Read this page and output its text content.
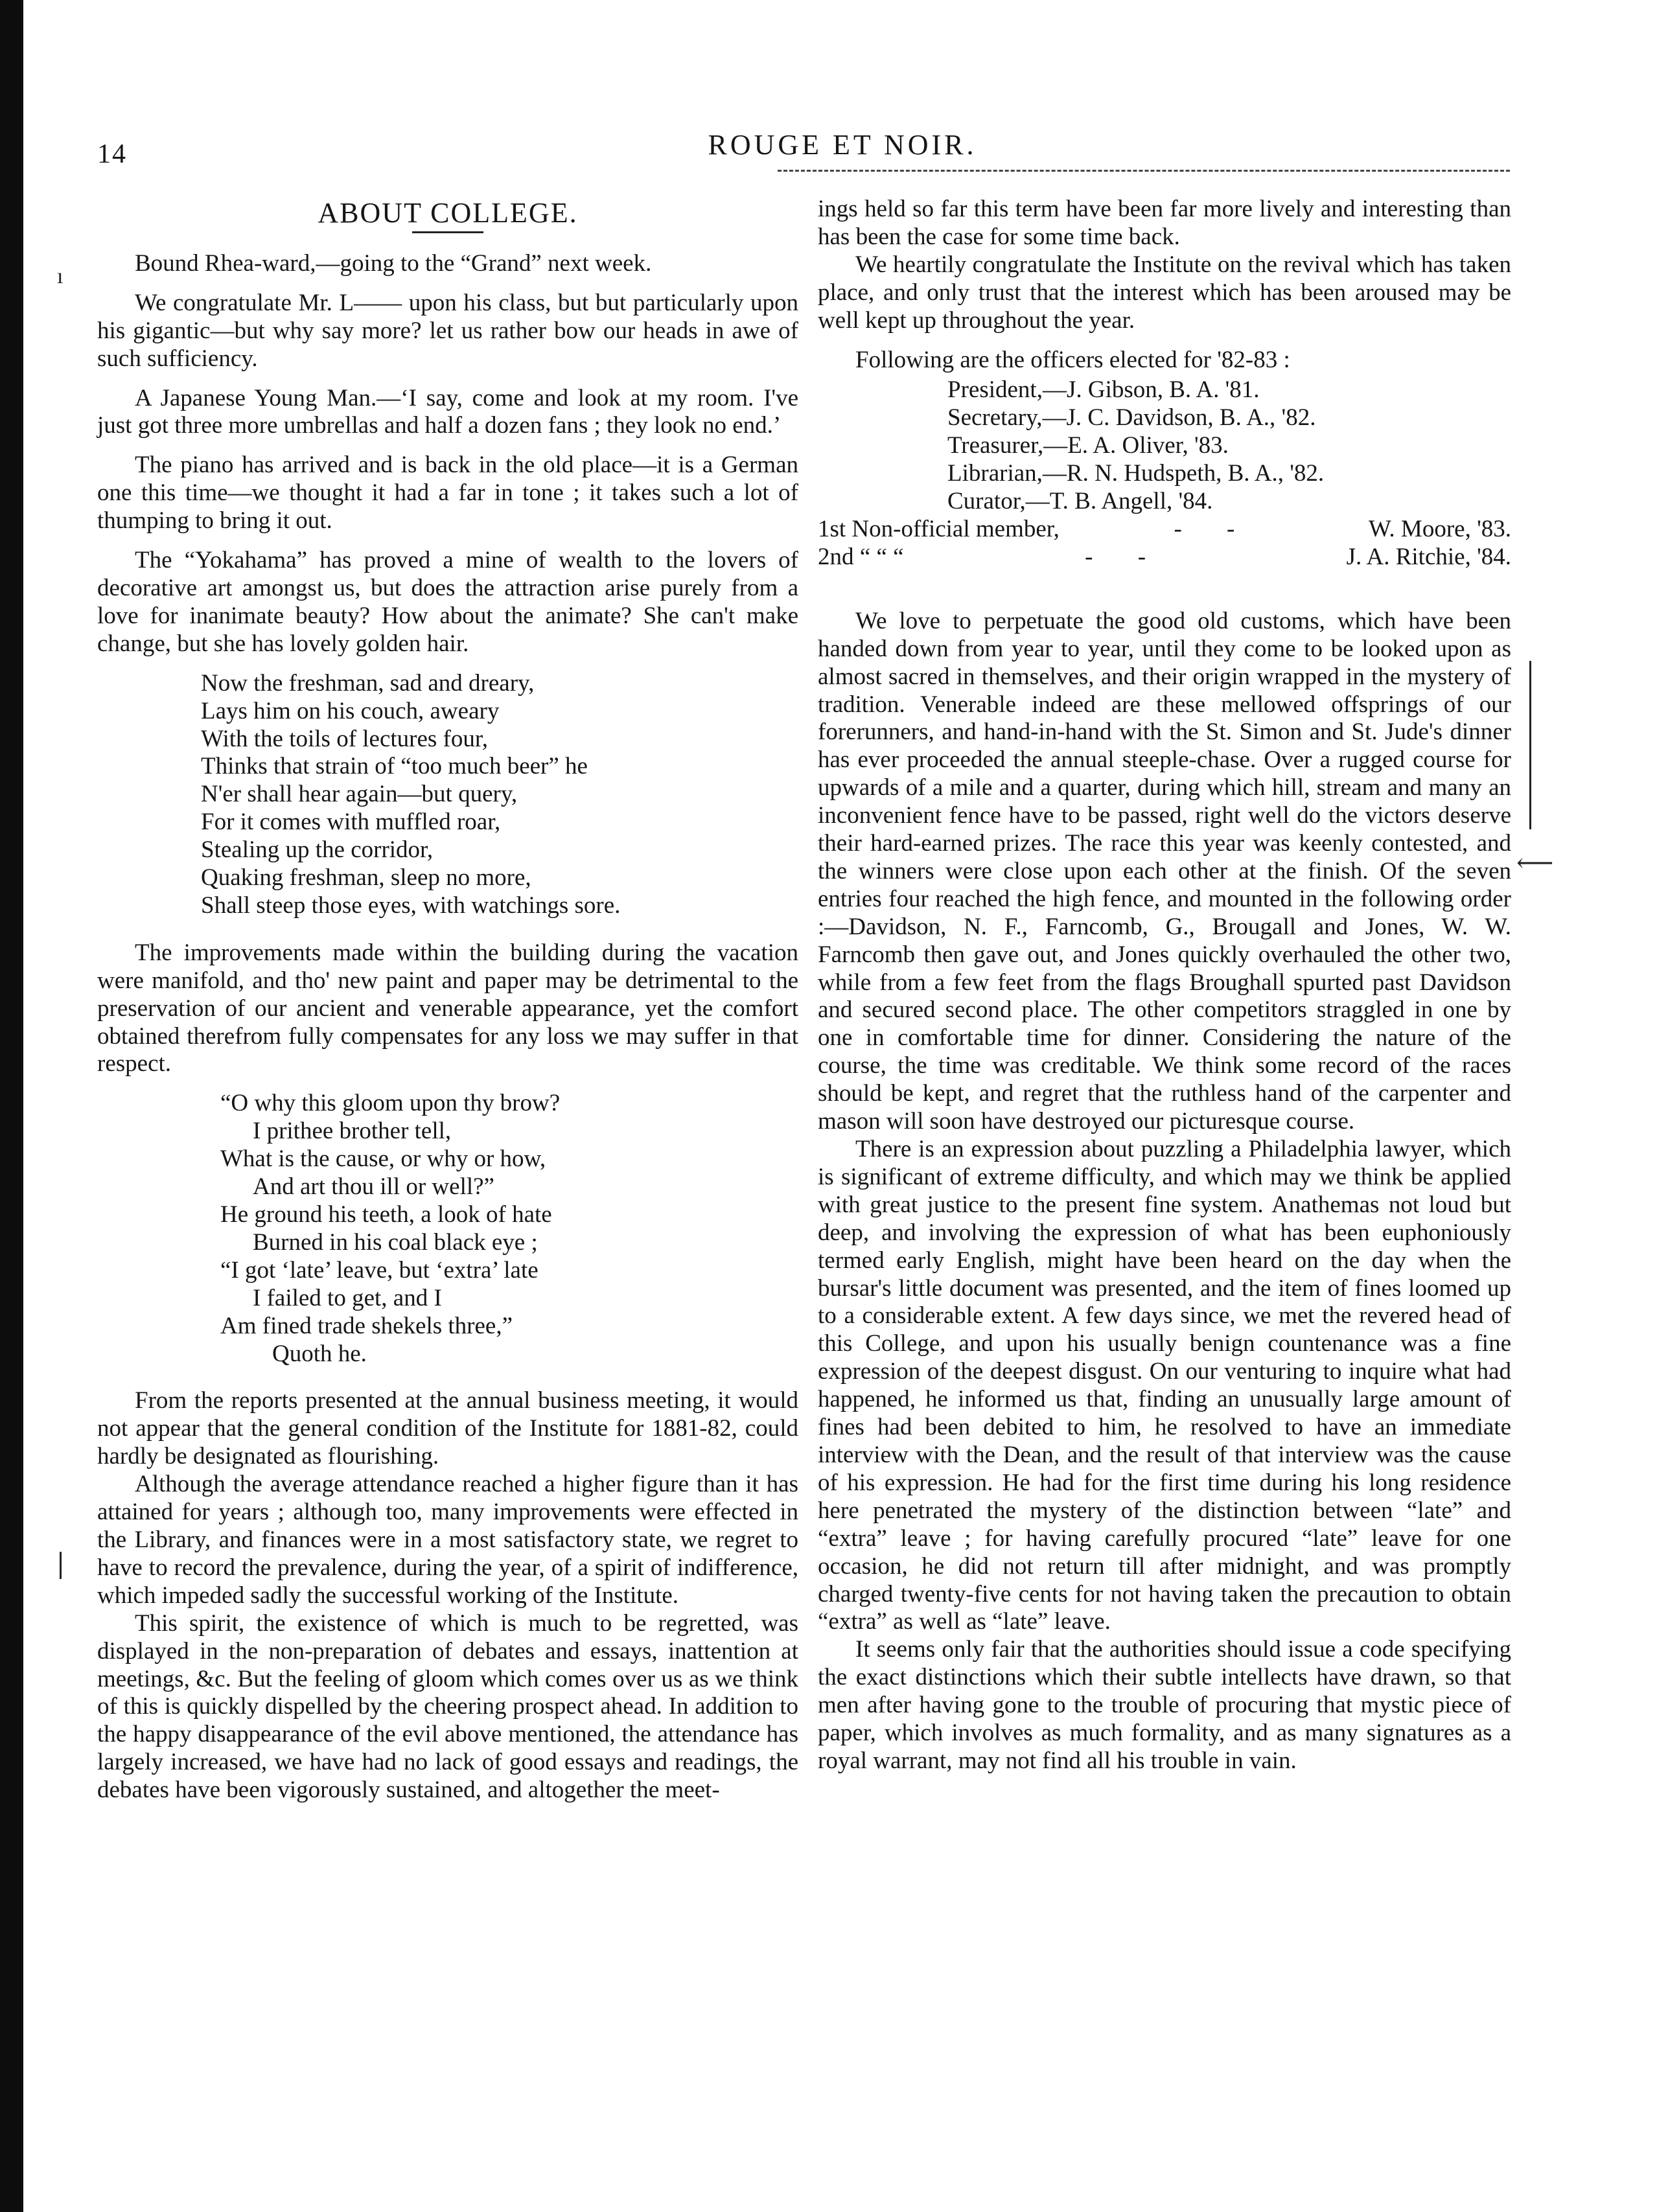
14	ROUGE ET NOIR.
ı
⟵
ABOUT COLLEGE.

Bound Rhea-ward,—going to the “Grand” next week.

We congratulate Mr. L—— upon his class, but but particularly upon his gigantic—but why say more? let us rather bow our heads in awe of such sufficiency.

A Japanese Young Man.—‘I say, come and look at my room. I've just got three more umbrellas and half a dozen fans ; they look no end.’

The piano has arrived and is back in the old place—it is a German one this time—we thought it had a far in tone ; it takes such a lot of thumping to bring it out.

The “Yokahama” has proved a mine of wealth to the lovers of decorative art amongst us, but does the attraction arise purely from a love for inanimate beauty? How about the animate? She can't make change, but she has lovely golden hair.

Now the freshman, sad and dreary,
Lays him on his couch, aweary
With the toils of lectures four,
Thinks that strain of “too much beer” he
N'er shall hear again—but query,
For it comes with muffled roar,
Stealing up the corridor,
Quaking freshman, sleep no more,
Shall steep those eyes, with watchings sore.

The improvements made within the building during the vacation were manifold, and tho' new paint and paper may be detrimental to the preservation of our ancient and venerable appearance, yet the comfort obtained therefrom fully compensates for any loss we may suffer in that respect.

“O why this gloom upon thy brow?
I prithee brother tell,
What is the cause, or why or how,
And art thou ill or well?”
He ground his teeth, a look of hate
Burned in his coal black eye ;
“I got ‘late’ leave, but ‘extra’ late
I failed to get, and I
Am fined trade shekels three,”
Quoth he.

From the reports presented at the annual business meeting, it would not appear that the general condition of the Institute for 1881-82, could hardly be designated as flourishing.

Although the average attendance reached a higher figure than it has attained for years ; although too, many improvements were effected in the Library, and finances were in a most satisfactory state, we regret to have to record the prevalence, during the year, of a spirit of indifference, which impeded sadly the successful working of the Institute.

This spirit, the existence of which is much to be regretted, was displayed in the non-preparation of debates and essays, inattention at meetings, &c. But the feeling of gloom which comes over us as we think of this is quickly dispelled by the cheering prospect ahead. In addition to the happy disappearance of the evil above mentioned, the attendance has largely increased, we have had no lack of good essays and readings, the debates have been vigorously sustained, and altogether the meet-

ings held so far this term have been far more lively and interesting than has been the case for some time back.

We heartily congratulate the Institute on the revival which has taken place, and only trust that the interest which has been aroused may be well kept up throughout the year.

Following are the officers elected for '82-83 :

President,—J. Gibson, B. A. '81.
Secretary,—J. C. Davidson, B. A., '82.
Treasurer,—E. A. Oliver, '83.
Librarian,—R. N. Hudspeth, B. A., '82.
Curator,—T. B. Angell, '84.
1st Non-official member,	- -	W. Moore, '83.
2nd “ “ “	- -	J. A. Ritchie, '84.

We love to perpetuate the good old customs, which have been handed down from year to year, until they come to be looked upon as almost sacred in themselves, and their origin wrapped in the mystery of tradition. Venerable indeed are these mellowed offsprings of our forerunners, and hand-in-hand with the St. Simon and St. Jude's dinner has ever proceeded the annual steeple-chase. Over a rugged course for upwards of a mile and a quarter, during which hill, stream and many an inconvenient fence have to be passed, right well do the victors deserve their hard-earned prizes. The race this year was keenly contested, and the winners were close upon each other at the finish. Of the seven entries four reached the high fence, and mounted in the following order :—Davidson, N. F., Farncomb, G., Brougall and Jones, W. W. Farncomb then gave out, and Jones quickly overhauled the other two, while from a few feet from the flags Broughall spurted past Davidson and secured second place. The other competitors straggled in one by one in comfortable time for dinner. Considering the nature of the course, the time was creditable. We think some record of the races should be kept, and regret that the ruthless hand of the carpenter and mason will soon have destroyed our picturesque course.

There is an expression about puzzling a Philadelphia lawyer, which is significant of extreme difficulty, and which may we think be applied with great justice to the present fine system. Anathemas not loud but deep, and involving the expression of what has been euphoniously termed early English, might have been heard on the day when the bursar's little document was presented, and the item of fines loomed up to a considerable extent. A few days since, we met the revered head of this College, and upon his usually benign countenance was a fine expression of the deepest disgust. On our venturing to inquire what had happened, he informed us that, finding an unusually large amount of fines had been debited to him, he resolved to have an immediate interview with the Dean, and the result of that interview was the cause of his expression. He had for the first time during his long residence here penetrated the mystery of the distinction between “late” and “extra” leave ; for having carefully procured “late” leave for one occasion, he did not return till after midnight, and was promptly charged twenty-five cents for not having taken the precaution to obtain “extra” as well as “late” leave.

It seems only fair that the authorities should issue a code specifying the exact distinctions which their subtle intellects have drawn, so that men after having gone to the trouble of procuring that mystic piece of paper, which involves as much formality, and as many signatures as a royal warrant, may not find all his trouble in vain.
